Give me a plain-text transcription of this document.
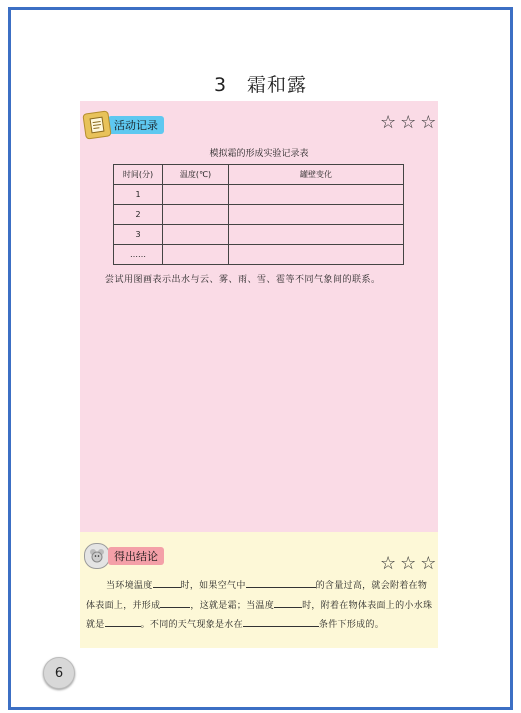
3　霜和露
活动记录	☆☆☆
模拟霜的形成实验记录表
时间(分)	温度(℃)	罐壁变化
1		
2		
3		
……		
尝试用图画表示出水与云、雾、雨、雪、雹等不同气象间的联系。
得出结论	☆☆☆
当环境温度	时，如果空气中	的含量过高，就会附着在物体表面上，并形成	，这就是霜；当温度	时，附着在物体表面上的小水珠就是	。不同的天气现象是水在	条件下形成的。
6
